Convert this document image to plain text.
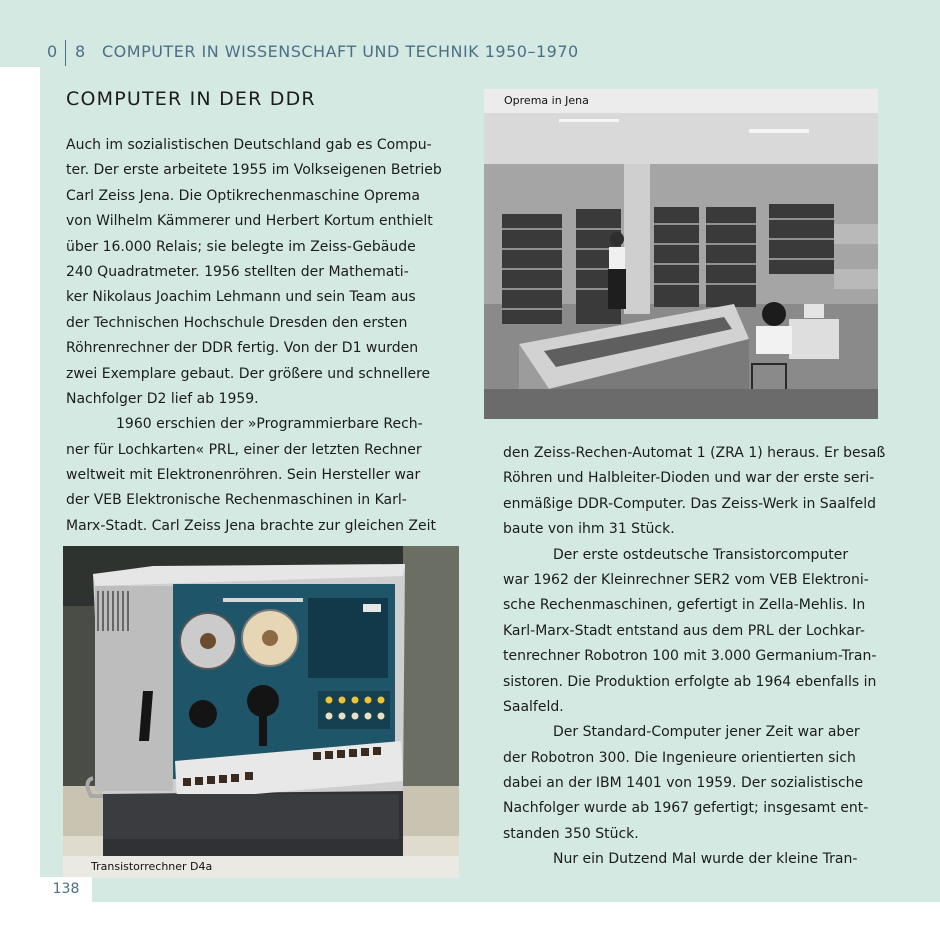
0 8 COMPUTER IN WISSENSCHAFT UND TECHNIK 1950–1970
COMPUTER IN DER DDR
Auch im sozialistischen Deutschland gab es Compu-
ter. Der erste arbeitete 1955 im Volkseigenen Betrieb
Carl Zeiss Jena. Die Optikrechenmaschine Oprema
von Wilhelm Kämmerer und Herbert Kortum enthielt
über 16.000 Relais; sie belegte im Zeiss-Gebäude
240 Quadratmeter. 1956 stellten der Mathemati-
ker Nikolaus Joachim Lehmann und sein Team aus
der Technischen Hochschule Dresden den ersten
Röhrenrechner der DDR fertig. Von der D1 wurden
zwei Exemplare gebaut. Der größere und schnellere
Nachfolger D2 lief ab 1959.
1960 erschien der »Programmierbare Rech-
ner für Lochkarten« PRL, einer der letzten Rechner
weltweit mit Elektronenröhren. Sein Hersteller war
der VEB Elektronische Rechenmaschinen in Karl-
Marx-Stadt. Carl Zeiss Jena brachte zur gleichen Zeit
Oprema in Jena
den Zeiss-Rechen-Automat 1 (ZRA 1) heraus. Er besaß
Röhren und Halbleiter-Dioden und war der erste seri-
enmäßige DDR-Computer. Das Zeiss-Werk in Saalfeld
baute von ihm 31 Stück.
Der erste ostdeutsche Transistorcomputer
war 1962 der Kleinrechner SER2 vom VEB Elektroni-
sche Rechenmaschinen, gefertigt in Zella-Mehlis. In
Karl-Marx-Stadt entstand aus dem PRL der Lochkar-
tenrechner Robotron 100 mit 3.000 Germanium-Tran-
sistoren. Die Produktion erfolgte ab 1964 ebenfalls in
Saalfeld.
Der Standard-Computer jener Zeit war aber
der Robotron 300. Die Ingenieure orientierten sich
dabei an der IBM 1401 von 1959. Der sozialistische
Nachfolger wurde ab 1967 gefertigt; insgesamt ent-
standen 350 Stück.
Nur ein Dutzend Mal wurde der kleine Tran-
Transistorrechner D4a
138
